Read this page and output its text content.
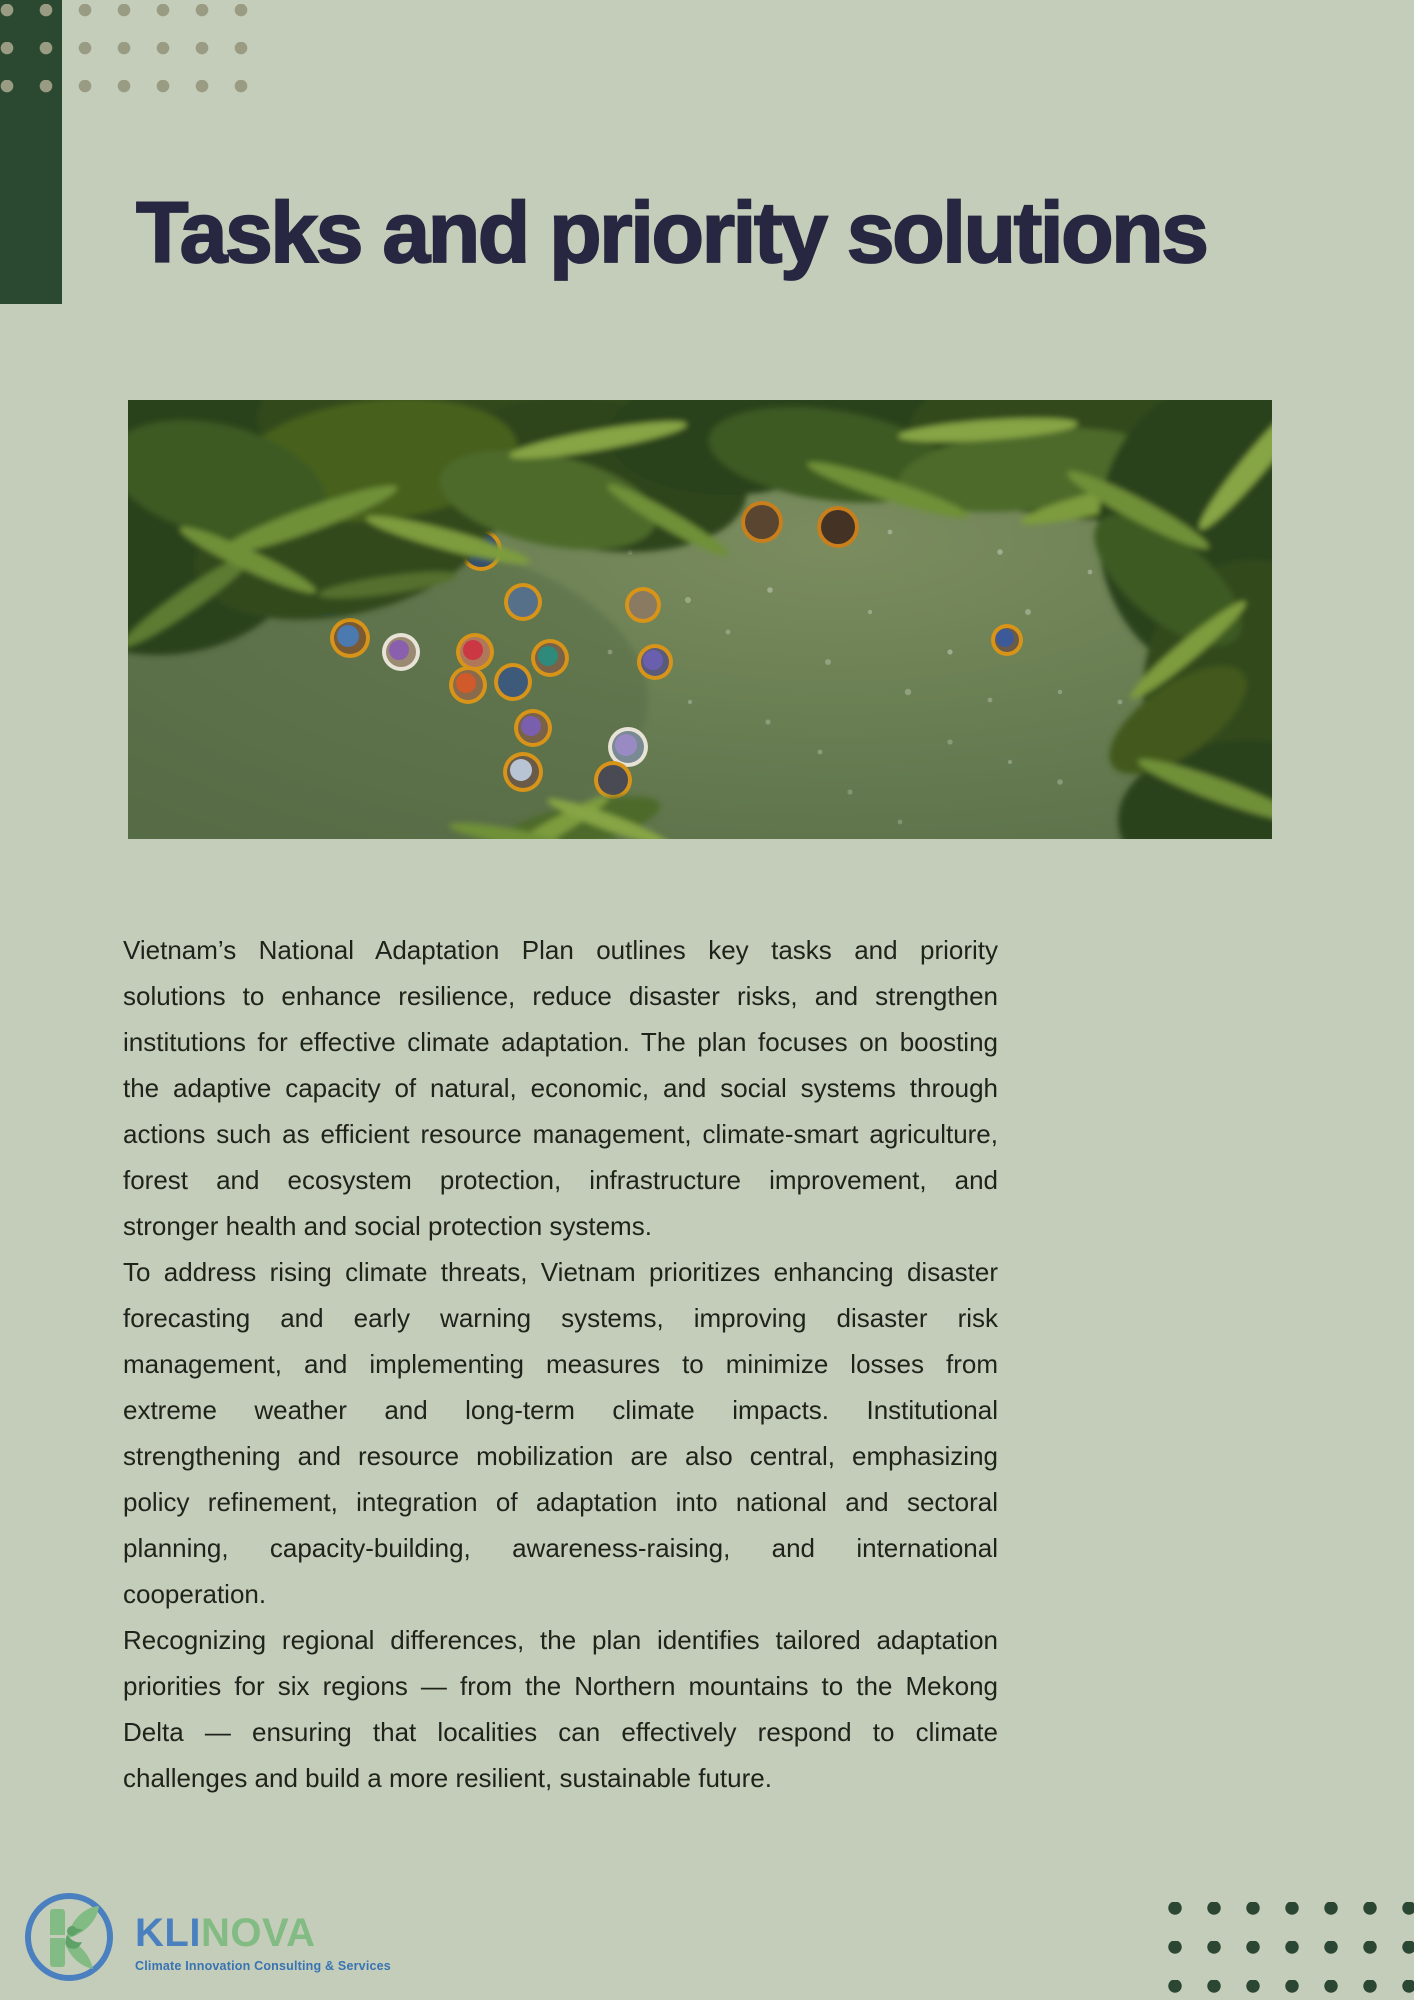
Tasks and priority solutions
Vietnam’s National Adaptation Plan outlines key tasks and priority
solutions to enhance resilience, reduce disaster risks, and strengthen
institutions for effective climate adaptation. The plan focuses on boosting
the adaptive capacity of natural, economic, and social systems through
actions such as efficient resource management, climate-smart agriculture,
forest and ecosystem protection, infrastructure improvement, and
stronger health and social protection systems.
To address rising climate threats, Vietnam prioritizes enhancing disaster
forecasting and early warning systems, improving disaster risk
management, and implementing measures to minimize losses from
extreme weather and long-term climate impacts. Institutional
strengthening and resource mobilization are also central, emphasizing
policy refinement, integration of adaptation into national and sectoral
planning, capacity-building, awareness-raising, and international
cooperation.
Recognizing regional differences, the plan identifies tailored adaptation
priorities for six regions — from the Northern mountains to the Mekong
Delta — ensuring that localities can effectively respond to climate
challenges and build a more resilient, sustainable future.
KLINOVA
Climate Innovation Consulting & Services
